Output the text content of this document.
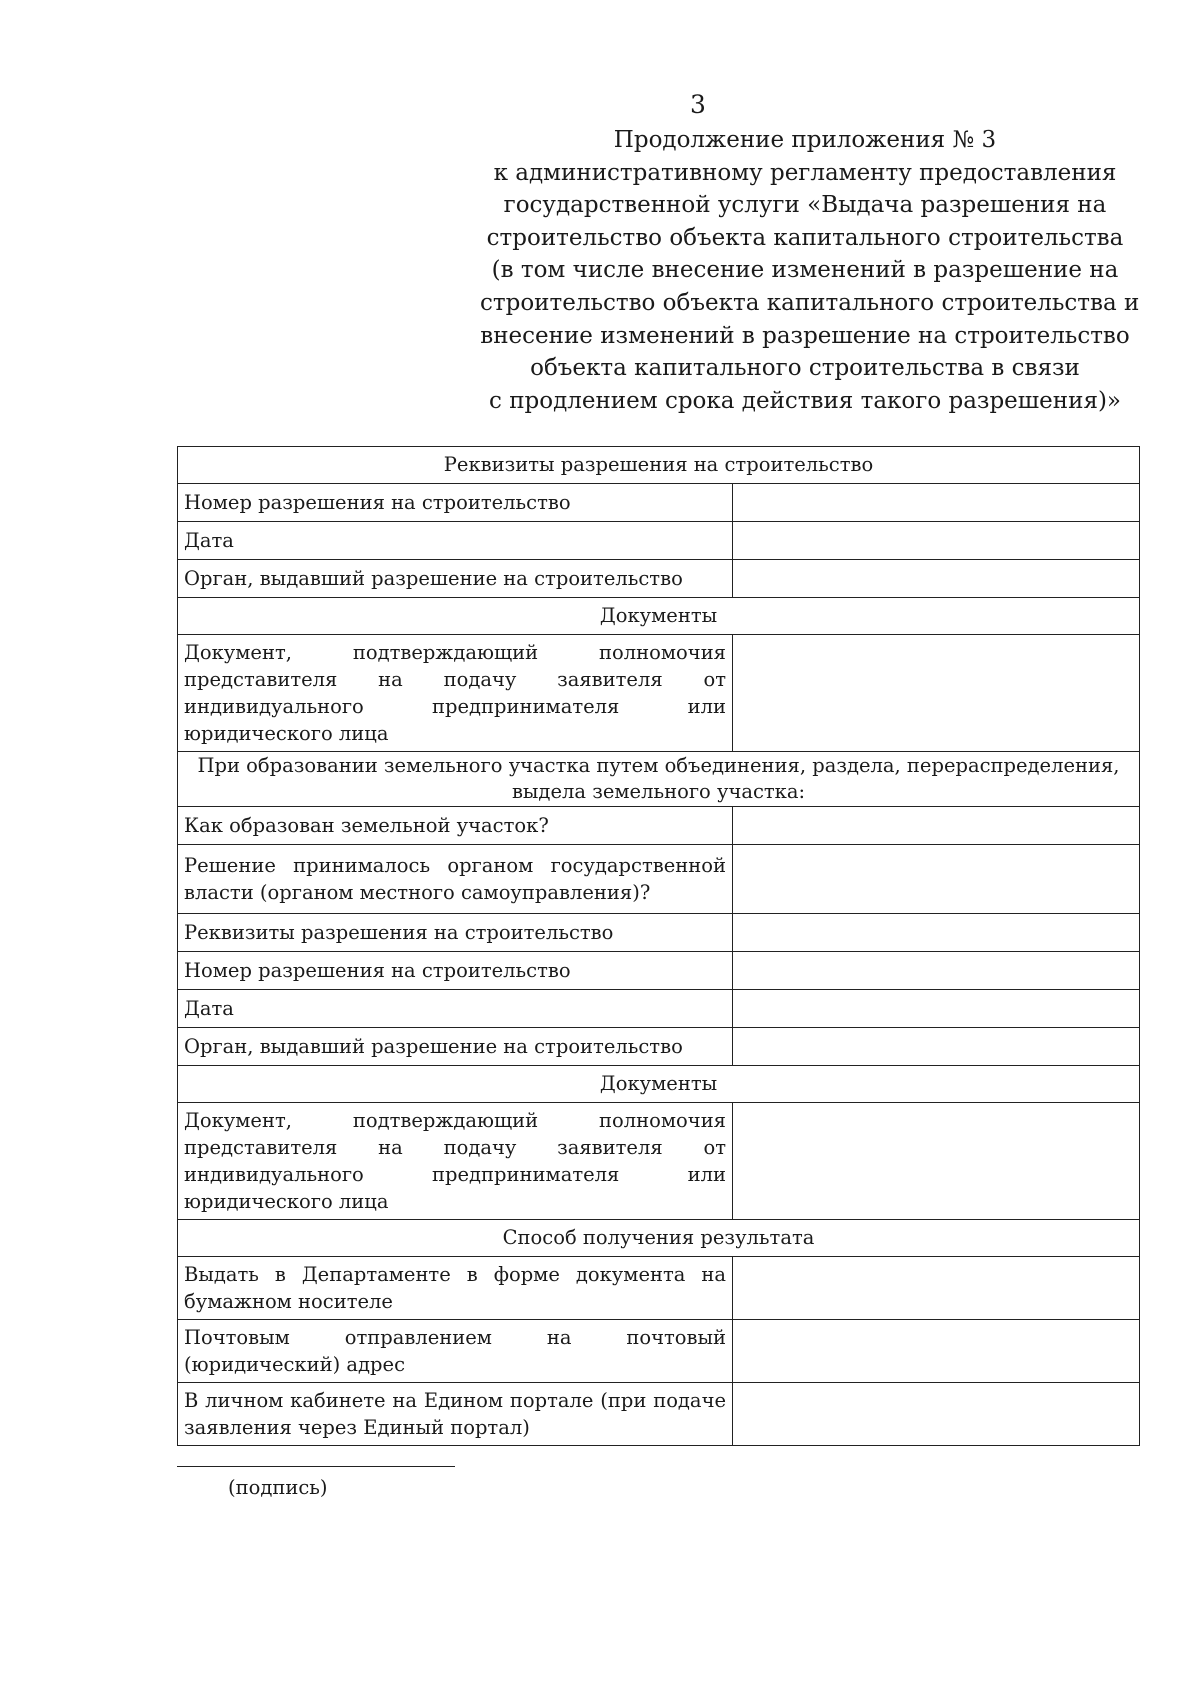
3
Продолжение приложения № 3
к административному регламенту предоставления
государственной услуги «Выдача разрешения на
строительство объекта капитального строительства
(в том числе внесение изменений в разрешение на
строительство объекта капитального строительства и
внесение изменений в разрешение на строительство
объекта капитального строительства в связи
с продлением срока действия такого разрешения)»
Реквизиты разрешения на строительство	
Номер разрешения на строительство	
Дата	
Орган, выдавший разрешение на строительство	
Документы	
Документ, подтверждающий полномочия представителя на подачу заявителя от индивидуального предпринимателя или юридического лица	
При образовании земельного участка путем объединения, раздела, перераспределения, выдела земельного участка:	
Как образован земельной участок?	
Решение принималось органом государственной власти (органом местного самоуправления)?	
Реквизиты разрешения на строительство	
Номер разрешения на строительство	
Дата	
Орган, выдавший разрешение на строительство	
Документы	
Документ, подтверждающий полномочия представителя на подачу заявителя от индивидуального предпринимателя или юридического лица	
Способ получения результата	
Выдать в Департаменте в форме документа на бумажном носителе	
Почтовым отправлением на почтовый (юридический) адрес	
В личном кабинете на Едином портале (при подаче заявления через Единый портал)	
(подпись)
